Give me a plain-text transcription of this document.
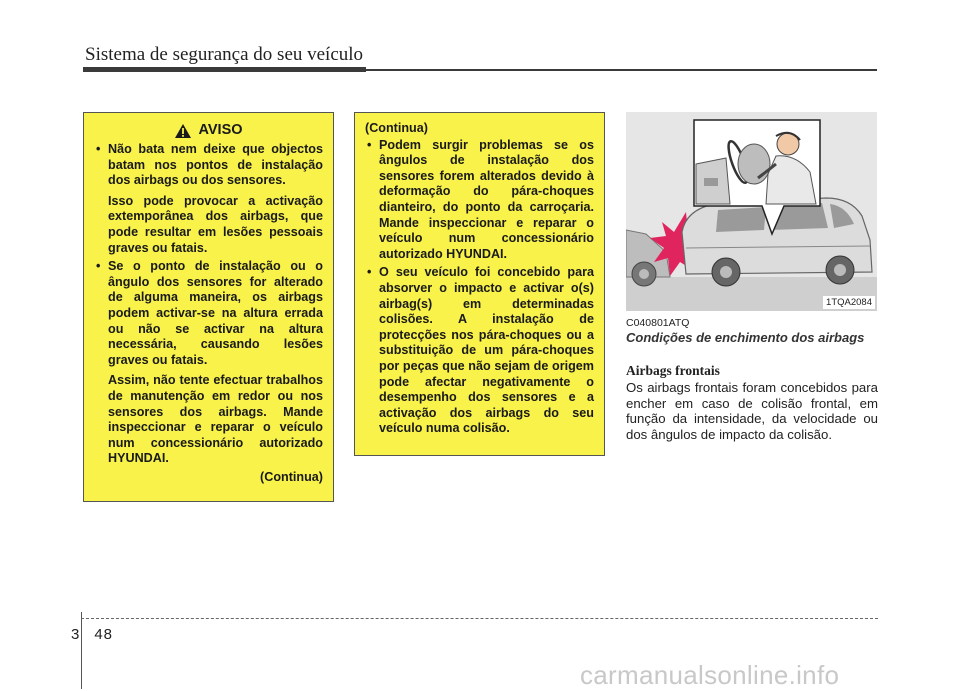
Sistema de segurança do seu veículo
AVISO

• Não bata nem deixe que objectos batam nos pontos de instalação dos airbags ou dos sensores.

Isso pode provocar a activação extemporânea dos airbags, que pode resultar em lesões pessoais graves ou fatais.

• Se o ponto de instalação ou o ângulo dos sensores for alterado de alguma maneira, os airbags podem activar-se na altura errada ou não se activar na altura necessária, causando lesões graves ou fatais.

Assim, não tente efectuar trabalhos de manutenção em redor ou nos sensores dos airbags. Mande inspeccionar e reparar o veículo num concessionário autorizado HYUNDAI.

(Continua)
(Continua)

• Podem surgir problemas se os ângulos de instalação dos sensores forem alterados devido à deformação do pára-choques dianteiro, do ponto da carroçaria. Mande inspeccionar e reparar o veículo num concessionário autorizado HYUNDAI.

• O seu veículo foi concebido para absorver o impacto e activar o(s) airbag(s) em determinadas colisões. A instalação de protecções nos pára-choques ou a substituição de um pára-choques por peças que não sejam de origem pode afectar negativamente o desempenho dos sensores e a activação dos airbags do seu veículo numa colisão.

1TQA2084
C040801ATQ
Condições de enchimento dos airbags
Airbags frontais

Os airbags frontais foram concebidos para encher em caso de colisão frontal, em função da intensidade, da velocidade ou dos ângulos de impacto da colisão.

3 48
carmanualsonline.info
